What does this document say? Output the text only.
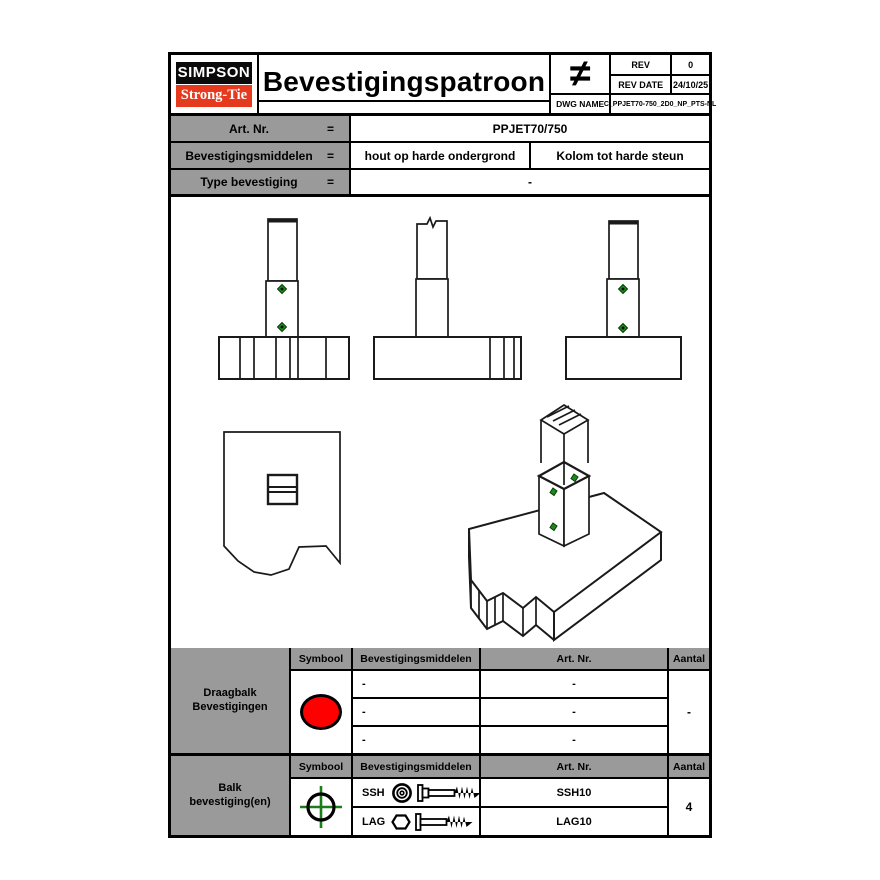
SIMPSON
Strong-Tie Bevestigingspatroon ≠	REV	0
REV DATE	24/10/25
DWG NAME C_PPJET70-750_2D0_NP_PTS-NL
Art. Nr.	=	PPJET70/750
Bevestigingsmiddelen	=	hout op harde ondergrond	Kolom tot harde steun
Type bevestiging	=	-
Draagbalk
Bevestigingen
Symbool	Bevestigingsmiddelen	Art. Nr.	Aantal
-	-
-	-
-	-
-
Balk
bevestiging(en)
Symbool	Bevestigingsmiddelen	Art. Nr.	Aantal
SSH	SSH10
LAG	LAG10
4
